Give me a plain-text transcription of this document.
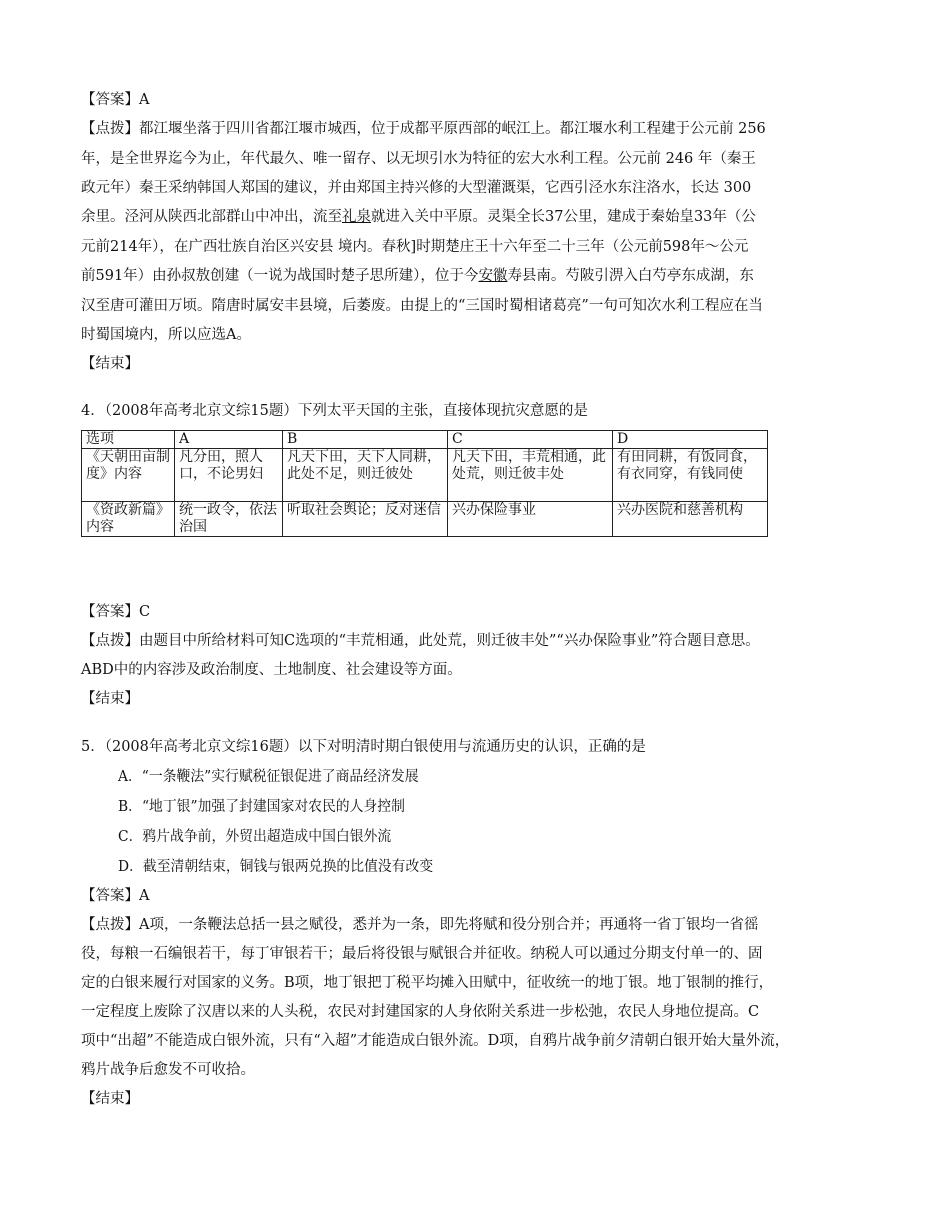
【答案】A
【点拨】都江堰坐落于四川省都江堰市城西，位于成都平原西部的岷江上。都江堰水利工程建于公元前 256
年，是全世界迄今为止，年代最久、唯一留存、以无坝引水为特征的宏大水利工程。公元前 246 年（秦王
政元年）秦王采纳韩国人郑国的建议，并由郑国主持兴修的大型灌溉渠，它西引泾水东注洛水，长达 300
余里。泾河从陕西北部群山中冲出，流至礼泉就进入关中平原。灵渠全长37公里，建成于秦始皇33年（公
元前214年），在广西壮族自治区兴安县 境内。春秋]时期楚庄王十六年至二十三年（公元前598年～公元
前591年）由孙叔敖创建（一说为战国时楚子思所建），位于今安徽寿县南。芍陂引淠入白芍亭东成湖，东
汉至唐可灌田万顷。隋唐时属安丰县境，后萎废。由提上的“三国时蜀相诸葛亮”一句可知次水利工程应在当
时蜀国境内，所以应选A。
【结束】
4．（2008年高考北京文综15题）下列太平天国的主张，直接体现抗灾意愿的是
选项	A	B	C	D
《天朝田亩制度》内容	凡分田，照人口，不论男妇	凡天下田，天下人同耕，此处不足，则迁彼处	凡天下田，丰荒相通，此处荒，则迁彼丰处	有田同耕，有饭同食，有衣同穿，有钱同使
《资政新篇》内容	统一政令，依法治国	听取社会舆论；反对迷信	兴办保险事业	兴办医院和慈善机构
【答案】C
【点拨】由题目中所给材料可知C选项的“丰荒相通，此处荒，则迁彼丰处”“兴办保险事业”符合题目意思。
ABD中的内容涉及政治制度、土地制度、社会建设等方面。
【结束】
5．（2008年高考北京文综16题）以下对明清时期白银使用与流通历史的认识，正确的是
A．“一条鞭法”实行赋税征银促进了商品经济发展
B．“地丁银”加强了封建国家对农民的人身控制
C．鸦片战争前，外贸出超造成中国白银外流
D．截至清朝结束，铜钱与银两兑换的比值没有改变
【答案】A
【点拨】A项，一条鞭法总括一县之赋役，悉并为一条，即先将赋和役分别合并；再通将一省丁银均一省徭
役，每粮一石编银若干，每丁审银若干；最后将役银与赋银合并征收。纳税人可以通过分期支付单一的、固
定的白银来履行对国家的义务。B项，地丁银把丁税平均摊入田赋中，征收统一的地丁银。地丁银制的推行，
一定程度上废除了汉唐以来的人头税，农民对封建国家的人身依附关系进一步松弛，农民人身地位提高。C
项中“出超”不能造成白银外流，只有“入超”才能造成白银外流。D项，自鸦片战争前夕清朝白银开始大量外流，
鸦片战争后愈发不可收拾。
【结束】
